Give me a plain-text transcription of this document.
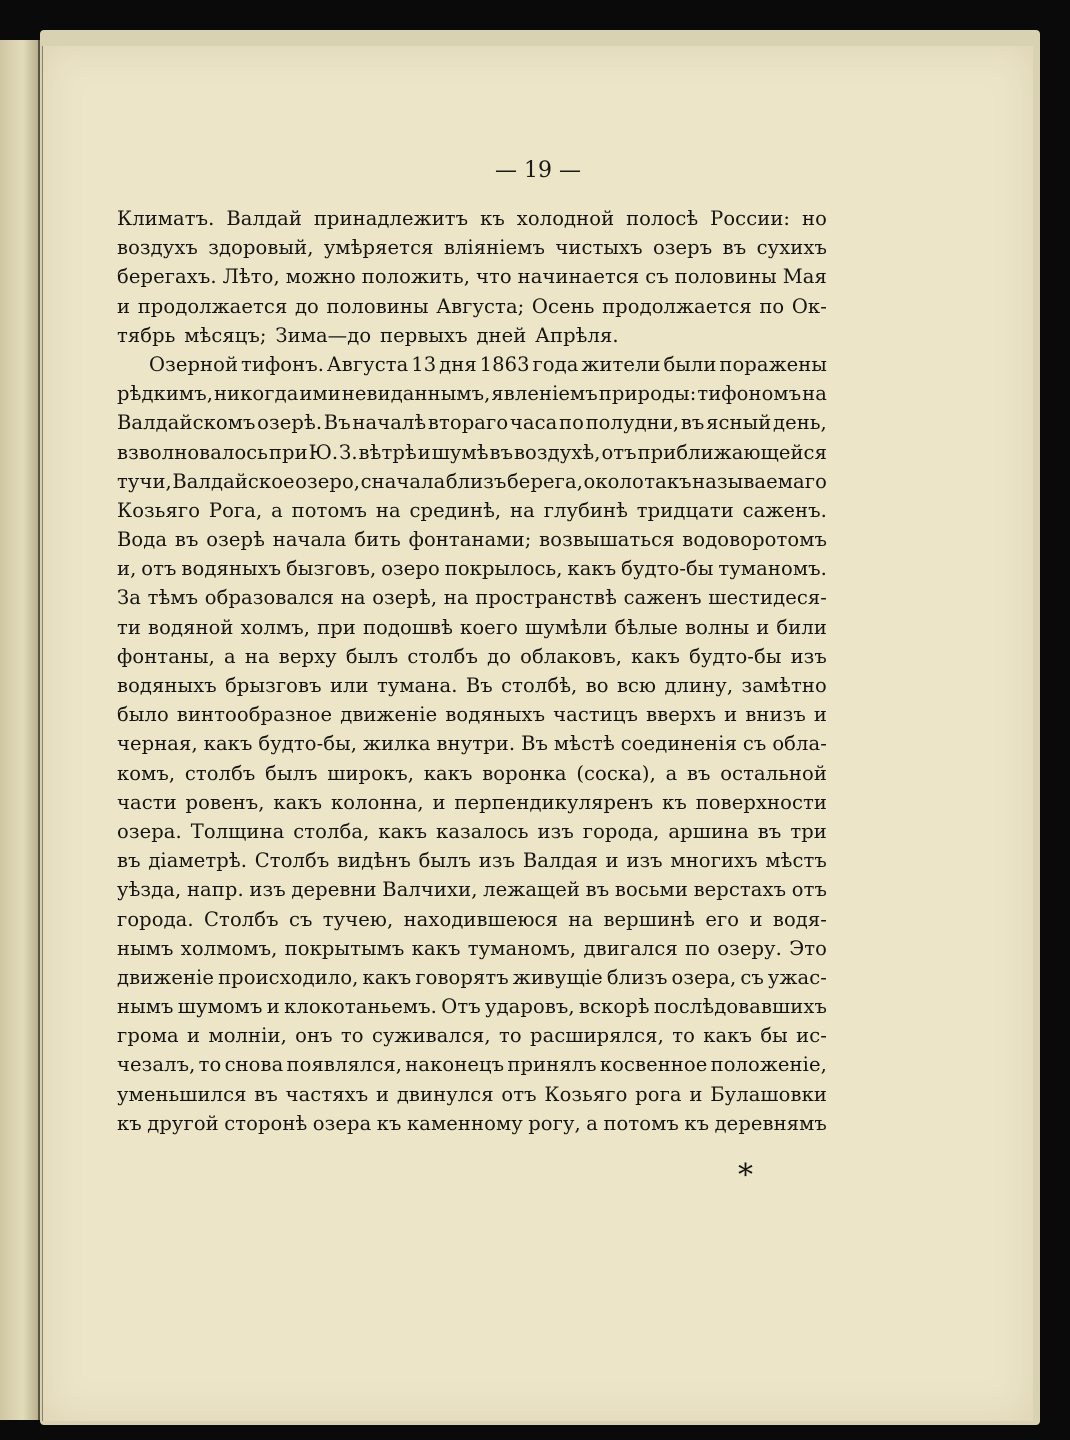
— 19 —
Климатъ. Валдай принадлежитъ къ холодной полосѣ России: но
воздухъ здоровый, умѣряется вліяніемъ чистыхъ озеръ въ сухихъ
берегахъ. Лѣто, можно положить, что начинается съ половины Мая
и продолжается до половины Августа; Осень продолжается по Ок-
тябрь мѣсяцъ; Зима—до первыхъ дней Апрѣля.
Озерной тифонъ. Августа 13 дня 1863 года жители были поражены
рѣдкимъ, никогда ими невиданнымъ, явленіемъ природы: тифономъ на
Валдайскомъ озерѣ. Въ началѣ втораго часа по полудни, въ ясный день,
взволновалось при Ю. З. вѣтрѣ и шумѣ въ воздухѣ, отъ приближающейся
тучи, Валдайское озеро, сначала близъ берега, около такъ называемаго
Козьяго Рога, а потомъ на срединѣ, на глубинѣ тридцати саженъ.
Вода въ озерѣ начала бить фонтанами; возвышаться водоворотомъ
и, отъ водяныхъ бызговъ, озеро покрылось, какъ будто-бы туманомъ.
За тѣмъ образовался на озерѣ, на пространствѣ саженъ шестидеся-
ти водяной холмъ, при подошвѣ коего шумѣли бѣлые волны и били
фонтаны, а на верху былъ столбъ до облаковъ, какъ будто-бы изъ
водяныхъ брызговъ или тумана. Въ столбѣ, во всю длину, замѣтно
было винтообразное движеніе водяныхъ частицъ вверхъ и внизъ и
черная, какъ будто-бы, жилка внутри. Въ мѣстѣ соединенія съ обла-
комъ, столбъ былъ широкъ, какъ воронка (соска), а въ остальной
части ровенъ, какъ колонна, и перпендикуляренъ къ поверхности
озера. Толщина столба, какъ казалось изъ города, аршина въ три
въ діаметрѣ. Столбъ видѣнъ былъ изъ Валдая и изъ многихъ мѣстъ
уѣзда, напр. изъ деревни Валчихи, лежащей въ восьми верстахъ отъ
города. Столбъ съ тучею, находившеюся на вершинѣ его и водя-
нымъ холмомъ, покрытымъ какъ туманомъ, двигался по озеру. Это
движеніе происходило, какъ говорятъ живущіе близъ озера, съ ужас-
нымъ шумомъ и клокотаньемъ. Отъ ударовъ, вскорѣ послѣдовавшихъ
грома и молніи, онъ то суживался, то расширялся, то какъ бы ис-
чезалъ, то снова появлялся, наконецъ принялъ косвенное положеніе,
уменьшился въ частяхъ и двинулся отъ Козьяго рога и Булашовки
къ другой сторонѣ озера къ каменному рогу, а потомъ къ деревнямъ
*
